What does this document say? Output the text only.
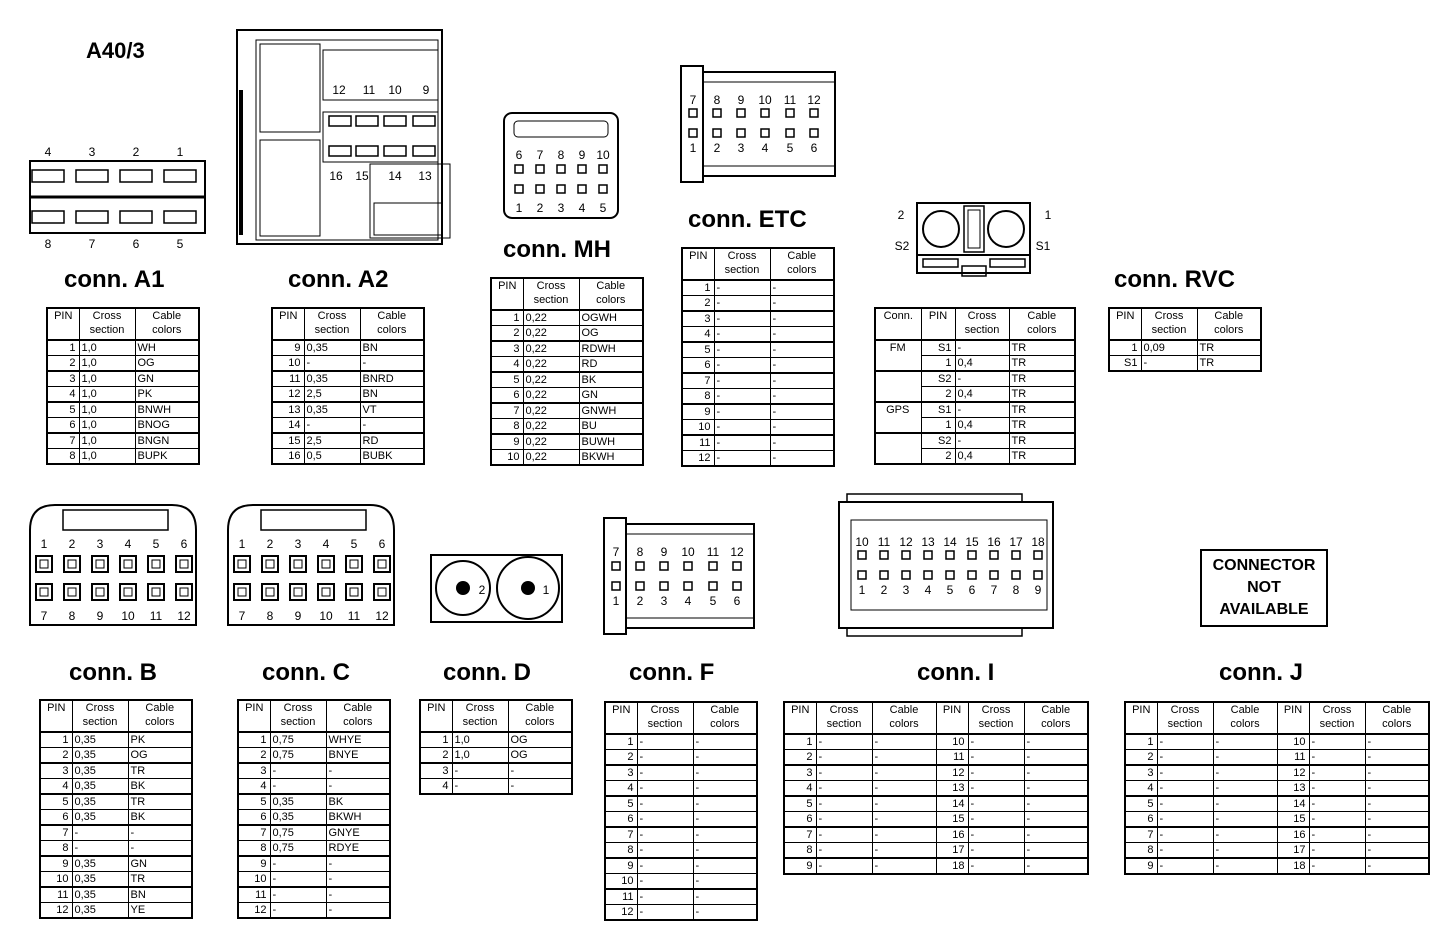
A40/3
conn. A1	conn. A2
conn. MH
conn. ETC
conn. RVC
conn. B	conn. C	conn. D	conn. F	conn. I	conn. J
CONNECTOR
NOT
AVAILABLE
4
8
3
7
2
6
1
5
12 11 10 9
16 15 14 13
6
1
7
2
8
3
9
4
10
5
7
1
8
2
9
3
10
4
11
5
12
6
2	1
S2	S1
1
7
2
8
3
9
4
10
5
11
6
12
1
7
2
8
3
9
4
10
5
11
6
12
2	1
7
1
8
2
9
3
10
4
11
5
12
6
10
1
11
2
12
3
13
4
14
5
15
6
16
7
17
8
18
9
PIN	Cross section	Cable colors
1	1,0	WH
2	1,0	OG
3	1,0	GN
4	1,0	PK
5	1,0	BNWH
6	1,0	BNOG
7	1,0	BNGN
8	1,0	BUPK
PIN	Cross section	Cable colors
9	0,35	BN
10	-	-
11	0,35	BNRD
12	2,5	BN
13	0,35	VT
14	-	-
15	2,5	RD
16	0,5	BUBK
PIN	Cross section	Cable colors
1	0,22	OGWH
2	0,22	OG
3	0,22	RDWH
4	0,22	RD
5	0,22	BK
6	0,22	GN
7	0,22	GNWH
8	0,22	BU
9	0,22	BUWH
10	0,22	BKWH
PIN	Cross section	Cable colors
1	-	-
2	-	-
3	-	-
4	-	-
5	-	-
6	-	-
7	-	-
8	-	-
9	-	-
10	-	-
11	-	-
12	-	-
Conn.	PIN	Cross section	Cable colors
FM	S1	-	TR
	1	0,4	TR
	S2	-	TR
	2	0,4	TR
GPS	S1	-	TR
	1	0,4	TR
	S2	-	TR
	2	0,4	TR
PIN	Cross section	Cable colors
1	0,09	TR
S1	-	TR
PIN	Cross section	Cable colors
1	0,35	PK
2	0,35	OG
3	0,35	TR
4	0,35	BK
5	0,35	TR
6	0,35	BK
7	-	-
8	-	-
9	0,35	GN
10	0,35	TR
11	0,35	BN
12	0,35	YE
PIN	Cross section	Cable colors
1	0,75	WHYE
2	0,75	BNYE
3	-	-
4	-	-
5	0,35	BK
6	0,35	BKWH
7	0,75	GNYE
8	0,75	RDYE
9	-	-
10	-	-
11	-	-
12	-	-
PIN	Cross section	Cable colors
1	1,0	OG
2	1,0	OG
3	-	-
4	-	-
PIN	Cross section	Cable colors
1	-	-
2	-	-
3	-	-
4	-	-
5	-	-
6	-	-
7	-	-
8	-	-
9	-	-
10	-	-
11	-	-
12	-	-
PIN	Cross section	Cable colors	PIN	Cross section	Cable colors
1	-	-	10	-	-
2	-	-	11	-	-
3	-	-	12	-	-
4	-	-	13	-	-
5	-	-	14	-	-
6	-	-	15	-	-
7	-	-	16	-	-
8	-	-	17	-	-
9	-	-	18	-	-
PIN	Cross section	Cable colors	PIN	Cross section	Cable colors
1	-	-	10	-	-
2	-	-	11	-	-
3	-	-	12	-	-
4	-	-	13	-	-
5	-	-	14	-	-
6	-	-	15	-	-
7	-	-	16	-	-
8	-	-	17	-	-
9	-	-	18	-	-
